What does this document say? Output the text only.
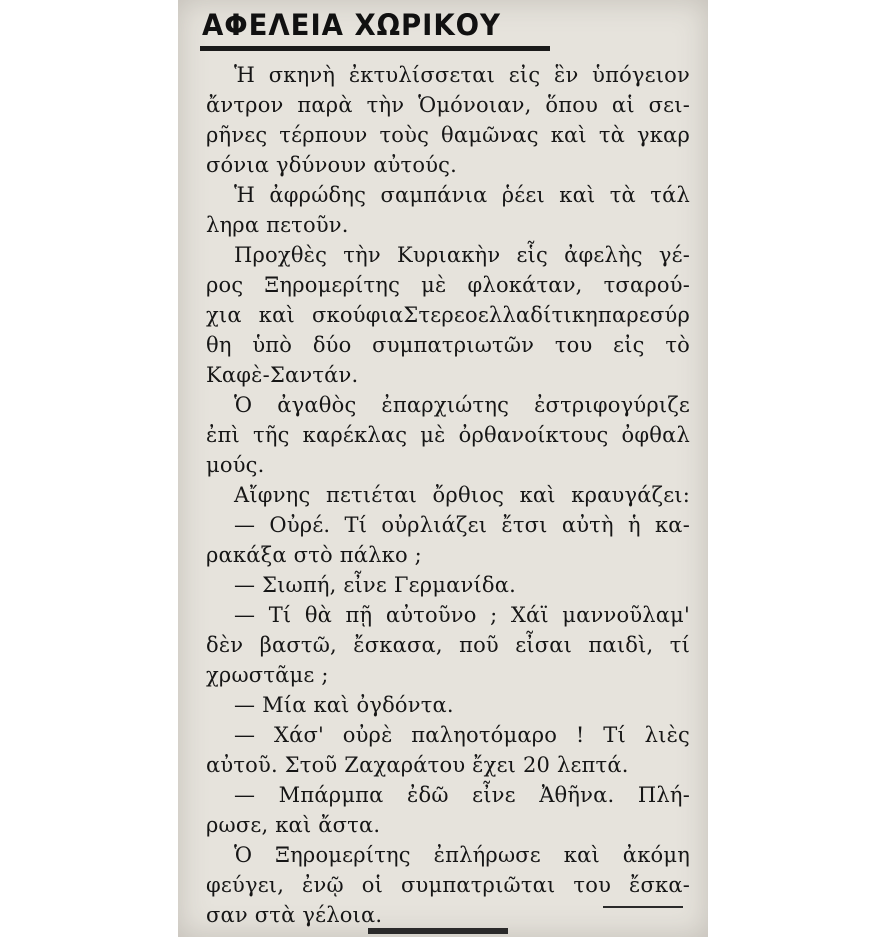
ΑΦΕΛΕΙΑ ΧΩΡΙΚΟΥ
Ἡ σκηνὴ ἐκτυλίσσεται εἰς ἓν ὑπόγειον
ἄντρον παρὰ τὴν Ὁμόνοιαν, ὅπου αἱ σει-
ρῆνες τέρπουν τοὺς θαμῶνας καὶ τὰ γκαρ
σόνια γδύνουν αὐτούς.
Ἡ ἀφρώδης σαμπάνια ῥέει καὶ τὰ τάλ
ληρα πετοῦν.
Προχθὲς τὴν Κυριακὴν εἷς ἀφελὴς γέ-
ρος Ξηρομερίτης μὲ φλοκάταν, τσαρού-
χια καὶ σκούφιαΣτερεοελλαδίτικηπαρεσύρ
θη ὑπὸ δύο συμπατριωτῶν του εἰς τὸ
Καφὲ-Σαντάν.
Ὁ ἀγαθὸς ἐπαρχιώτης ἐστριφογύριζε
ἐπὶ τῆς καρέκλας μὲ ὀρθανοίκτους ὀφθαλ
μούς.
Αἴφνης πετιέται ὄρθιος καὶ κραυγάζει:
— Οὐρέ. Τί οὐρλιάζει ἔτσι αὐτὴ ἡ κα-
ρακάξα στὸ πάλκο ;
— Σιωπή, εἶνε Γερμανίδα.
— Τί θὰ πῇ αὐτοῦνο ; Χάϊ μαννοῦλαμ'
δὲν βαστῶ, ἔσκασα, ποῦ εἶσαι παιδὶ, τί
χρωστᾶμε ;
— Μία καὶ ὀγδόντα.
— Χάσ' οὐρὲ παληοτόμαρο ! Τί λιὲς
αὐτοῦ. Στοῦ Ζαχαράτου ἔχει 20 λεπτά.
— Μπάρμπα ἐδῶ εἶνε Ἀθῆνα. Πλή-
ρωσε, καὶ ἄστα.
Ὁ Ξηρομερίτης ἐπλήρωσε καὶ ἀκόμη
φεύγει, ἐνῷ οἱ συμπατριῶται του ἔσκα-
σαν στὰ γέλοια.
